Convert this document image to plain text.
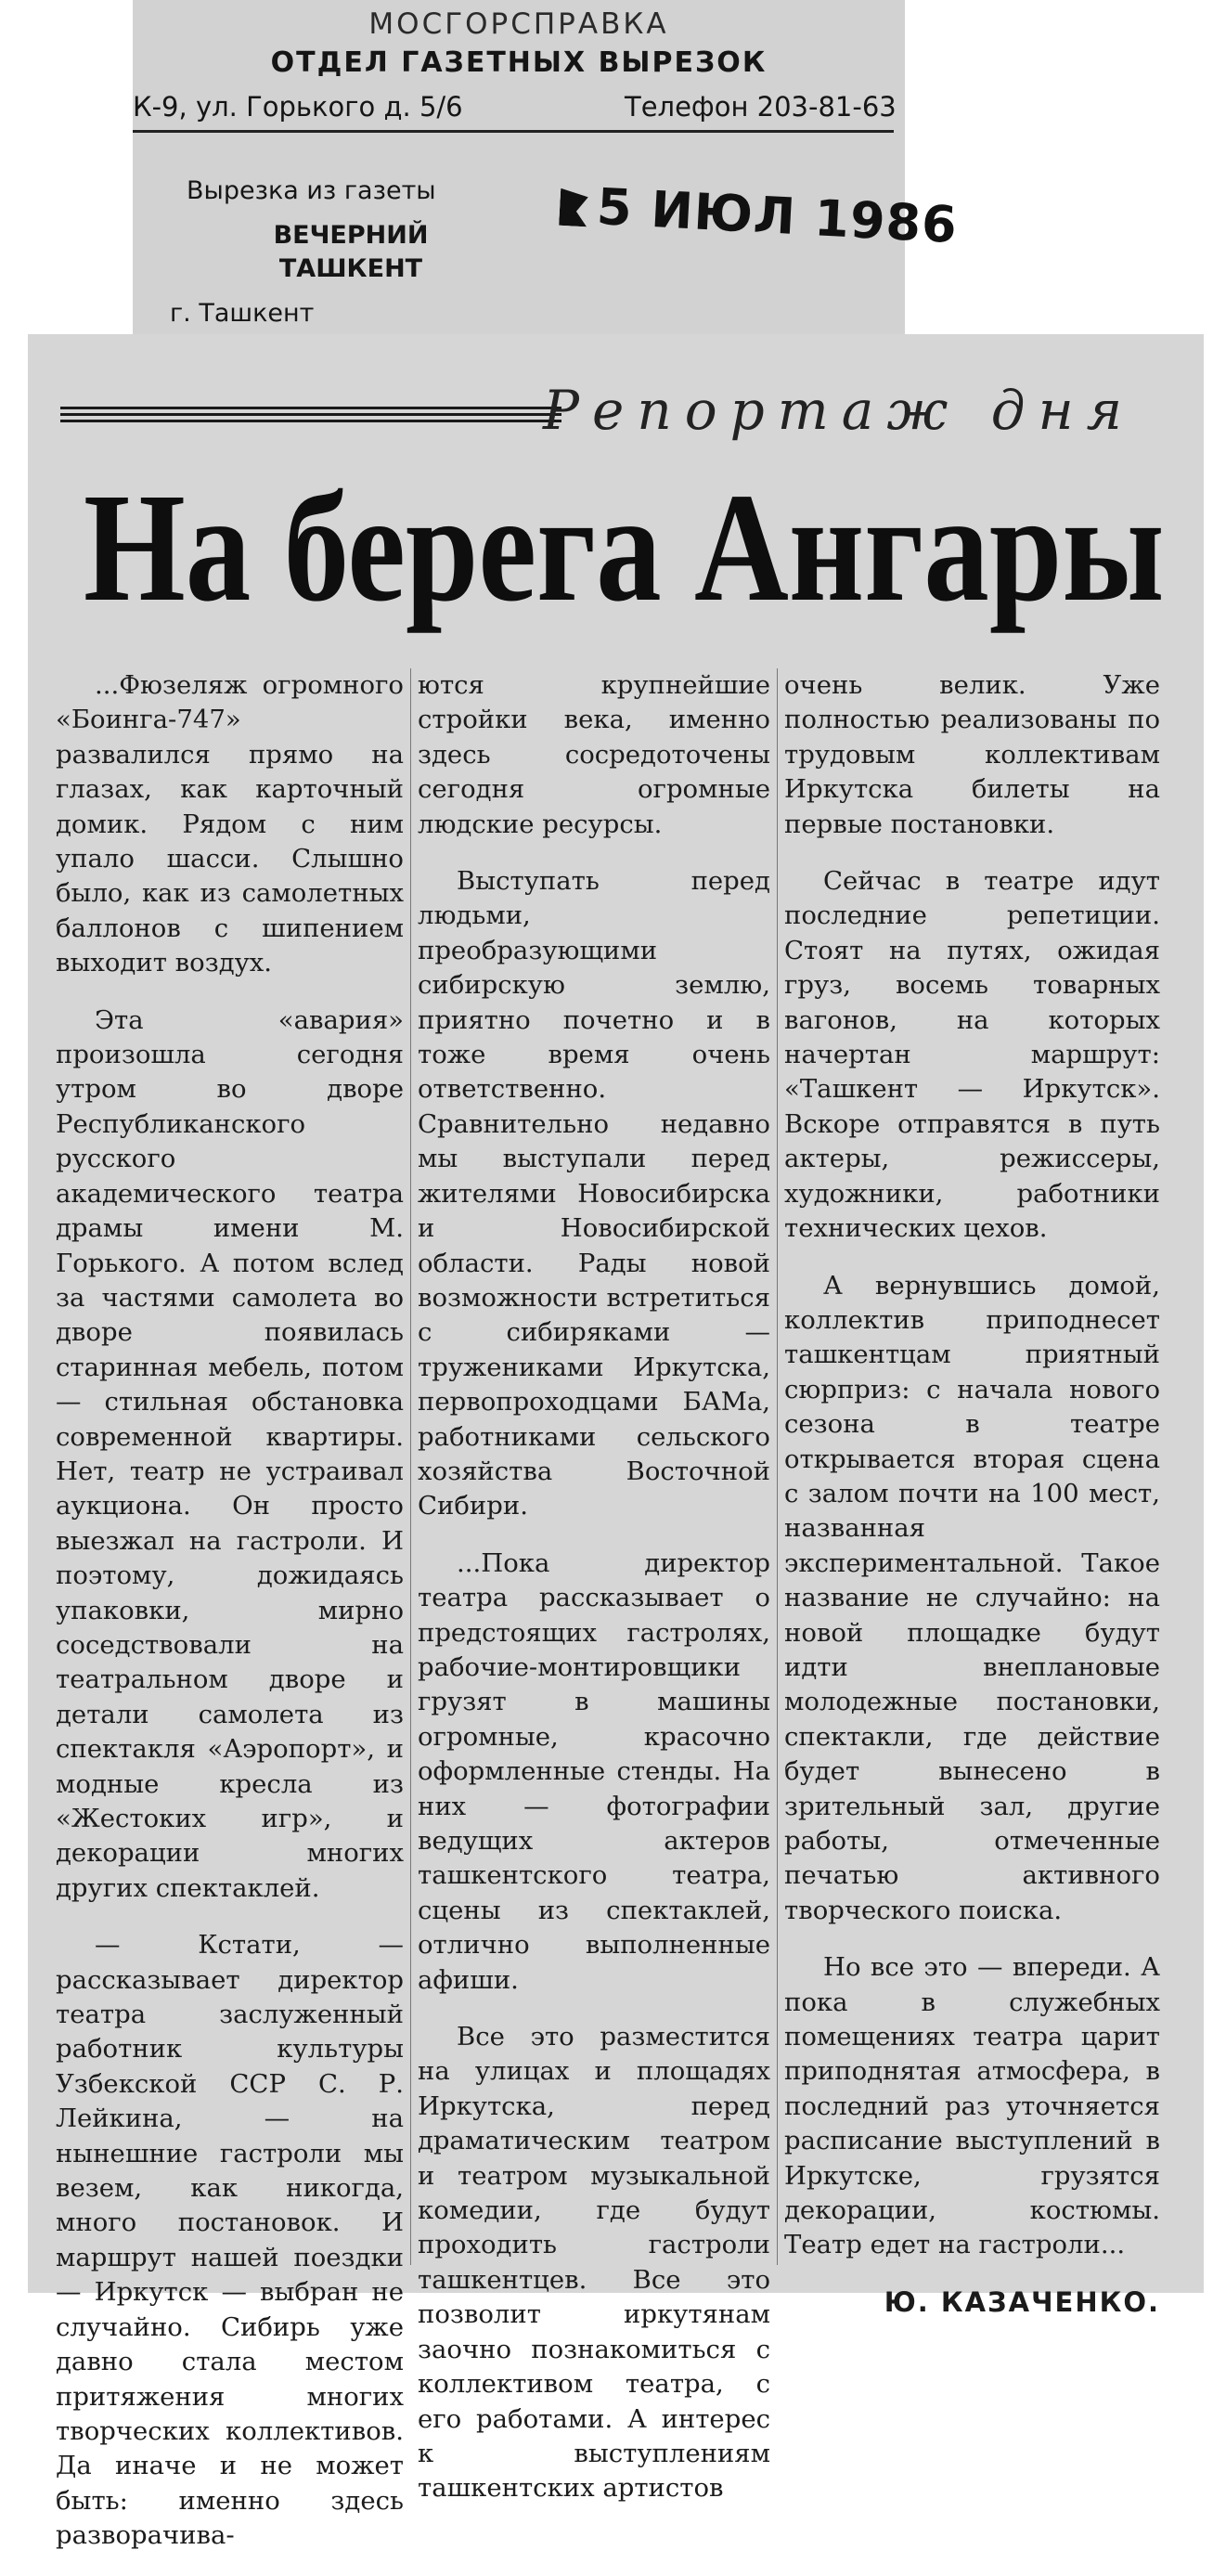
МОСГОРСПРАВКА
ОТДЕЛ ГАЗЕТНЫХ ВЫРЕЗОК
К-9, ул. Горького д. 5/6	Телефон 203-81-63
Вырезка из газеты
ВЕЧЕРНИЙ
ТАШКЕНТ
г. Ташкент
5 ИЮЛ 1986
Репортаж дня
На берега Ангары

...Фюзеляж огромного «Боинга-747» развалился прямо на глазах, как карточный домик. Рядом с ним упало шасси. Слышно было, как из самолетных баллонов с шипением выходит воздух.

Эта «авария» произошла сегодня утром во дворе Республиканского русского академического театра драмы имени М. Горького. А потом вслед за частями самолета во дворе появилась старинная мебель, потом — стильная обстановка современной квартиры. Нет, театр не устраивал аукциона. Он просто выезжал на гастроли. И поэтому, дожидаясь упаковки, мирно соседствовали на театральном дворе и детали самолета из спектакля «Аэропорт», и модные кресла из «Жестоких игр», и декорации многих других спектаклей.

— Кстати, — рассказывает директор театра заслуженный работник культуры Узбекской ССР С. Р. Лейкина, — на нынешние гастроли мы везем, как никогда, много постановок. И маршрут нашей поездки — Иркутск — выбран не случайно. Сибирь уже давно стала местом притяжения многих творческих коллективов. Да иначе и не может быть: именно здесь разворачива-

ются крупнейшие стройки века, именно здесь сосредоточены сегодня огромные людские ресурсы.

Выступать перед людьми, преобразующими сибирскую землю, приятно почетно и в тоже время очень ответственно. Сравнительно недавно мы выступали перед жителями Новосибирска и Новосибирской области. Рады новой возможности встретиться с сибиряками — тружениками Иркутска, первопроходцами БАМа, работниками сельского хозяйства Восточной Сибири.

...Пока директор театра рассказывает о предстоящих гастролях, рабочие-монтировщики грузят в машины огромные, красочно оформленные стенды. На них — фотографии ведущих актеров ташкентского театра, сцены из спектаклей, отлично выполненные афиши.

Все это разместится на улицах и площадях Иркутска, перед драматическим театром и театром музыкальной комедии, где будут проходить гастроли ташкентцев. Все это позволит иркутянам заочно познакомиться с коллективом театра, с его работами. А интерес к выступлениям ташкентских артистов

очень велик. Уже полностью реализованы по трудовым коллективам Иркутска билеты на первые постановки.

Сейчас в театре идут последние репетиции. Стоят на путях, ожидая груз, восемь товарных вагонов, на которых начертан маршрут: «Ташкент — Иркутск». Вскоре отправятся в путь актеры, режиссеры, художники, работники технических цехов.

А вернувшись домой, коллектив приподнесет ташкентцам приятный сюрприз: с начала нового сезона в театре открывается вторая сцена с залом почти на 100 мест, названная экспериментальной. Такое название не случайно: на новой площадке будут идти внеплановые молодежные постановки, спектакли, где действие будет вынесено в зрительный зал, другие работы, отмеченные печатью активного творческого поиска.

Но все это — впереди. А пока в служебных помещениях театра царит приподнятая атмосфера, в последний раз уточняется расписание выступлений в Иркутске, грузятся декорации, костюмы. Театр едет на гастроли...

Ю. КАЗАЧЕНКО.
